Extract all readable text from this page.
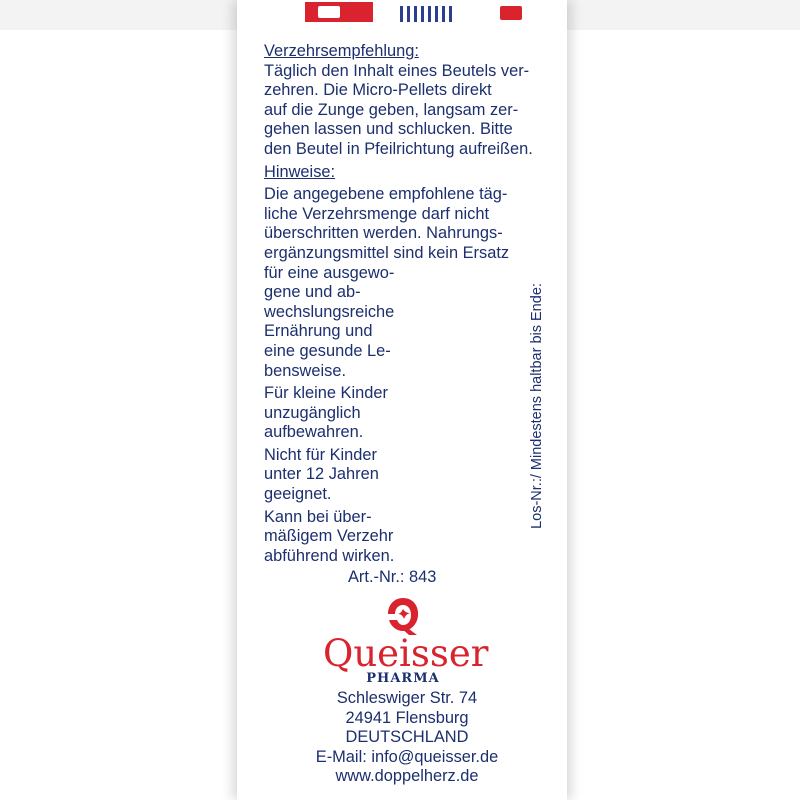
Verzehrsempfehlung:
Täglich den Inhalt eines Beutels ver-
zehren. Die Micro-Pellets direkt
auf die Zunge geben, langsam zer-
gehen lassen und schlucken. Bitte
den Beutel in Pfeilrichtung aufreißen.
Hinweise:
Die angegebene empfohlene täg-
liche Verzehrsmenge darf nicht
überschritten werden. Nahrungs-
ergänzungsmittel sind kein Ersatz
für eine ausgewo-
gene und ab-
wechslungsreiche
Ernährung und
eine gesunde Le-
bensweise.
Für kleine Kinder
unzugänglich
aufbewahren.
Nicht für Kinder
unter 12 Jahren
geeignet.
Kann bei über-
mäßigem Verzehr
abführend wirken.
Los-Nr.:/ Mindestens haltbar bis Ende:
Art.-Nr.: 843
Queisser
PHARMA
Schleswiger Str. 74
24941 Flensburg
DEUTSCHLAND
E-Mail: info@queisser.de
www.doppelherz.de
